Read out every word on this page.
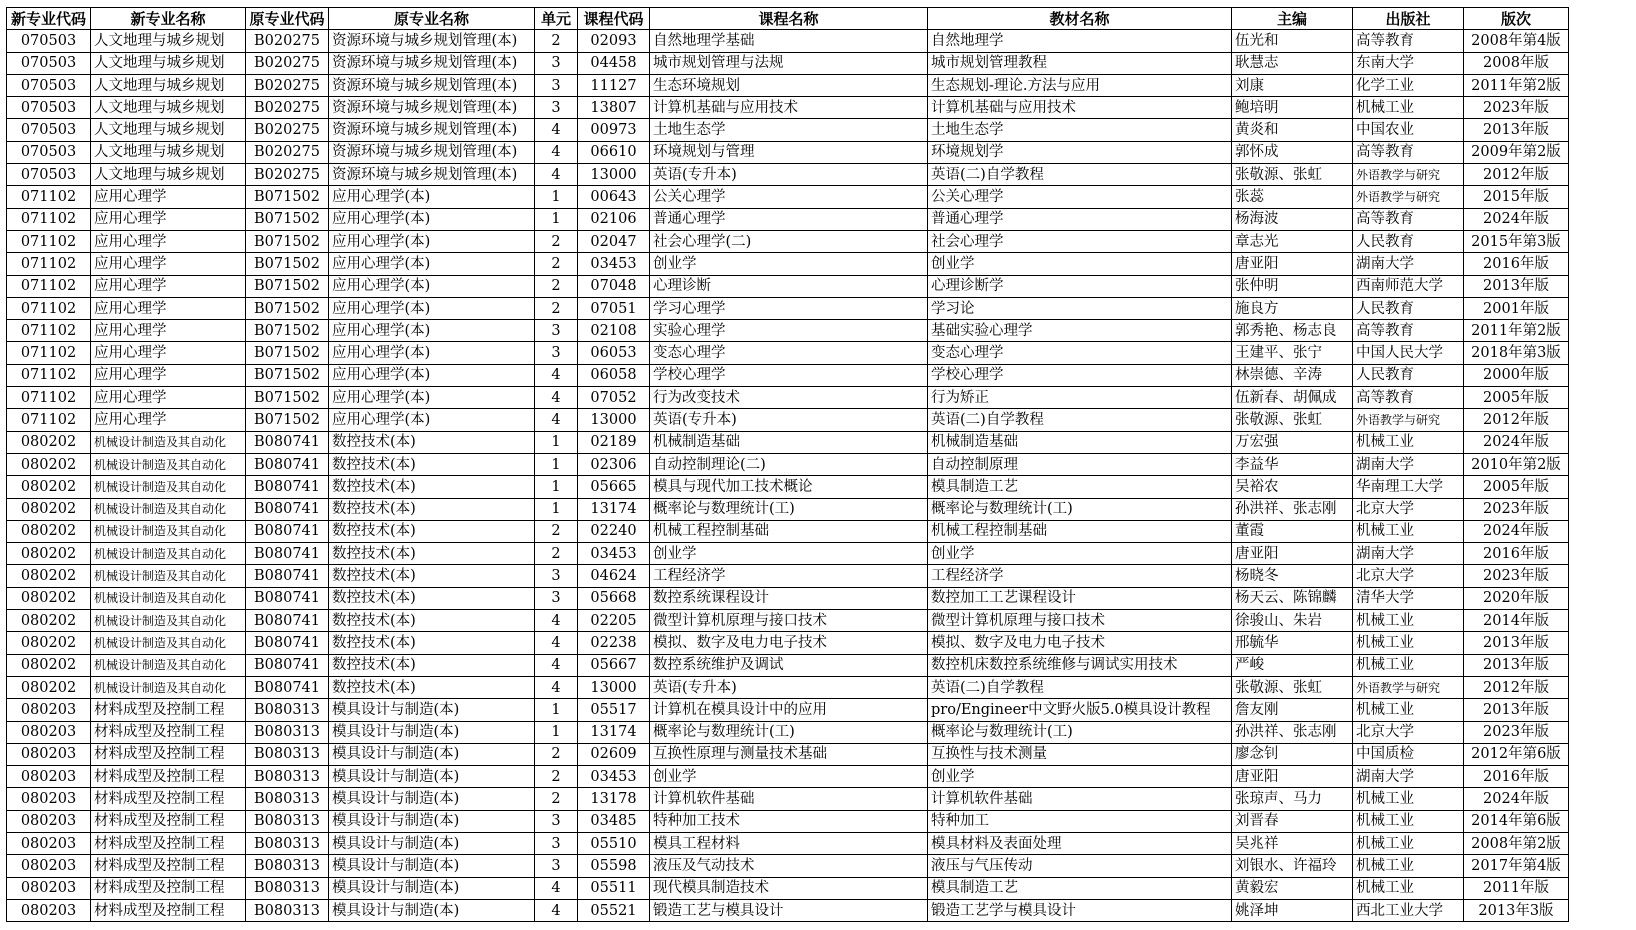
新专业代码	新专业名称	原专业代码	原专业名称	单元	课程代码	课程名称	教材名称	主编	出版社	版次
070503	人文地理与城乡规划	B020275	资源环境与城乡规划管理(本)	2	02093	自然地理学基础	自然地理学	伍光和	高等教育	2008年第4版
070503	人文地理与城乡规划	B020275	资源环境与城乡规划管理(本)	3	04458	城市规划管理与法规	城市规划管理教程	耿慧志	东南大学	2008年版
070503	人文地理与城乡规划	B020275	资源环境与城乡规划管理(本)	3	11127	生态环境规划	生态规划-理论.方法与应用	刘康	化学工业	2011年第2版
070503	人文地理与城乡规划	B020275	资源环境与城乡规划管理(本)	3	13807	计算机基础与应用技术	计算机基础与应用技术	鲍培明	机械工业	2023年版
070503	人文地理与城乡规划	B020275	资源环境与城乡规划管理(本)	4	00973	土地生态学	土地生态学	黄炎和	中国农业	2013年版
070503	人文地理与城乡规划	B020275	资源环境与城乡规划管理(本)	4	06610	环境规划与管理	环境规划学	郭怀成	高等教育	2009年第2版
070503	人文地理与城乡规划	B020275	资源环境与城乡规划管理(本)	4	13000	英语(专升本)	英语(二)自学教程	张敬源、张虹	外语教学与研究	2012年版
071102	应用心理学	B071502	应用心理学(本)	1	00643	公关心理学	公关心理学	张蕊	外语教学与研究	2015年版
071102	应用心理学	B071502	应用心理学(本)	1	02106	普通心理学	普通心理学	杨海波	高等教育	2024年版
071102	应用心理学	B071502	应用心理学(本)	2	02047	社会心理学(二)	社会心理学	章志光	人民教育	2015年第3版
071102	应用心理学	B071502	应用心理学(本)	2	03453	创业学	创业学	唐亚阳	湖南大学	2016年版
071102	应用心理学	B071502	应用心理学(本)	2	07048	心理诊断	心理诊断学	张仲明	西南师范大学	2013年版
071102	应用心理学	B071502	应用心理学(本)	2	07051	学习心理学	学习论	施良方	人民教育	2001年版
071102	应用心理学	B071502	应用心理学(本)	3	02108	实验心理学	基础实验心理学	郭秀艳、杨志良	高等教育	2011年第2版
071102	应用心理学	B071502	应用心理学(本)	3	06053	变态心理学	变态心理学	王建平、张宁	中国人民大学	2018年第3版
071102	应用心理学	B071502	应用心理学(本)	4	06058	学校心理学	学校心理学	林崇德、辛涛	人民教育	2000年版
071102	应用心理学	B071502	应用心理学(本)	4	07052	行为改变技术	行为矫正	伍新春、胡佩成	高等教育	2005年版
071102	应用心理学	B071502	应用心理学(本)	4	13000	英语(专升本)	英语(二)自学教程	张敬源、张虹	外语教学与研究	2012年版
080202	机械设计制造及其自动化	B080741	数控技术(本)	1	02189	机械制造基础	机械制造基础	万宏强	机械工业	2024年版
080202	机械设计制造及其自动化	B080741	数控技术(本)	1	02306	自动控制理论(二)	自动控制原理	李益华	湖南大学	2010年第2版
080202	机械设计制造及其自动化	B080741	数控技术(本)	1	05665	模具与现代加工技术概论	模具制造工艺	吴裕农	华南理工大学	2005年版
080202	机械设计制造及其自动化	B080741	数控技术(本)	1	13174	概率论与数理统计(工)	概率论与数理统计(工)	孙洪祥、张志刚	北京大学	2023年版
080202	机械设计制造及其自动化	B080741	数控技术(本)	2	02240	机械工程控制基础	机械工程控制基础	董霞	机械工业	2024年版
080202	机械设计制造及其自动化	B080741	数控技术(本)	2	03453	创业学	创业学	唐亚阳	湖南大学	2016年版
080202	机械设计制造及其自动化	B080741	数控技术(本)	3	04624	工程经济学	工程经济学	杨晓冬	北京大学	2023年版
080202	机械设计制造及其自动化	B080741	数控技术(本)	3	05668	数控系统课程设计	数控加工工艺课程设计	杨天云、陈锦麟	清华大学	2020年版
080202	机械设计制造及其自动化	B080741	数控技术(本)	4	02205	微型计算机原理与接口技术	微型计算机原理与接口技术	徐骏山、朱岩	机械工业	2014年版
080202	机械设计制造及其自动化	B080741	数控技术(本)	4	02238	模拟、数字及电力电子技术	模拟、数字及电力电子技术	邢毓华	机械工业	2013年版
080202	机械设计制造及其自动化	B080741	数控技术(本)	4	05667	数控系统维护及调试	数控机床数控系统维修与调试实用技术	严峻	机械工业	2013年版
080202	机械设计制造及其自动化	B080741	数控技术(本)	4	13000	英语(专升本)	英语(二)自学教程	张敬源、张虹	外语教学与研究	2012年版
080203	材料成型及控制工程	B080313	模具设计与制造(本)	1	05517	计算机在模具设计中的应用	pro/Engineer中文野火版5.0模具设计教程	詹友刚	机械工业	2013年版
080203	材料成型及控制工程	B080313	模具设计与制造(本)	1	13174	概率论与数理统计(工)	概率论与数理统计(工)	孙洪祥、张志刚	北京大学	2023年版
080203	材料成型及控制工程	B080313	模具设计与制造(本)	2	02609	互换性原理与测量技术基础	互换性与技术测量	廖念钊	中国质检	2012年第6版
080203	材料成型及控制工程	B080313	模具设计与制造(本)	2	03453	创业学	创业学	唐亚阳	湖南大学	2016年版
080203	材料成型及控制工程	B080313	模具设计与制造(本)	2	13178	计算机软件基础	计算机软件基础	张琼声、马力	机械工业	2024年版
080203	材料成型及控制工程	B080313	模具设计与制造(本)	3	03485	特种加工技术	特种加工	刘晋春	机械工业	2014年第6版
080203	材料成型及控制工程	B080313	模具设计与制造(本)	3	05510	模具工程材料	模具材料及表面处理	吴兆祥	机械工业	2008年第2版
080203	材料成型及控制工程	B080313	模具设计与制造(本)	3	05598	液压及气动技术	液压与气压传动	刘银水、许福玲	机械工业	2017年第4版
080203	材料成型及控制工程	B080313	模具设计与制造(本)	4	05511	现代模具制造技术	模具制造工艺	黄毅宏	机械工业	2011年版
080203	材料成型及控制工程	B080313	模具设计与制造(本)	4	05521	锻造工艺与模具设计	锻造工艺学与模具设计	姚泽坤	西北工业大学	2013年3版
